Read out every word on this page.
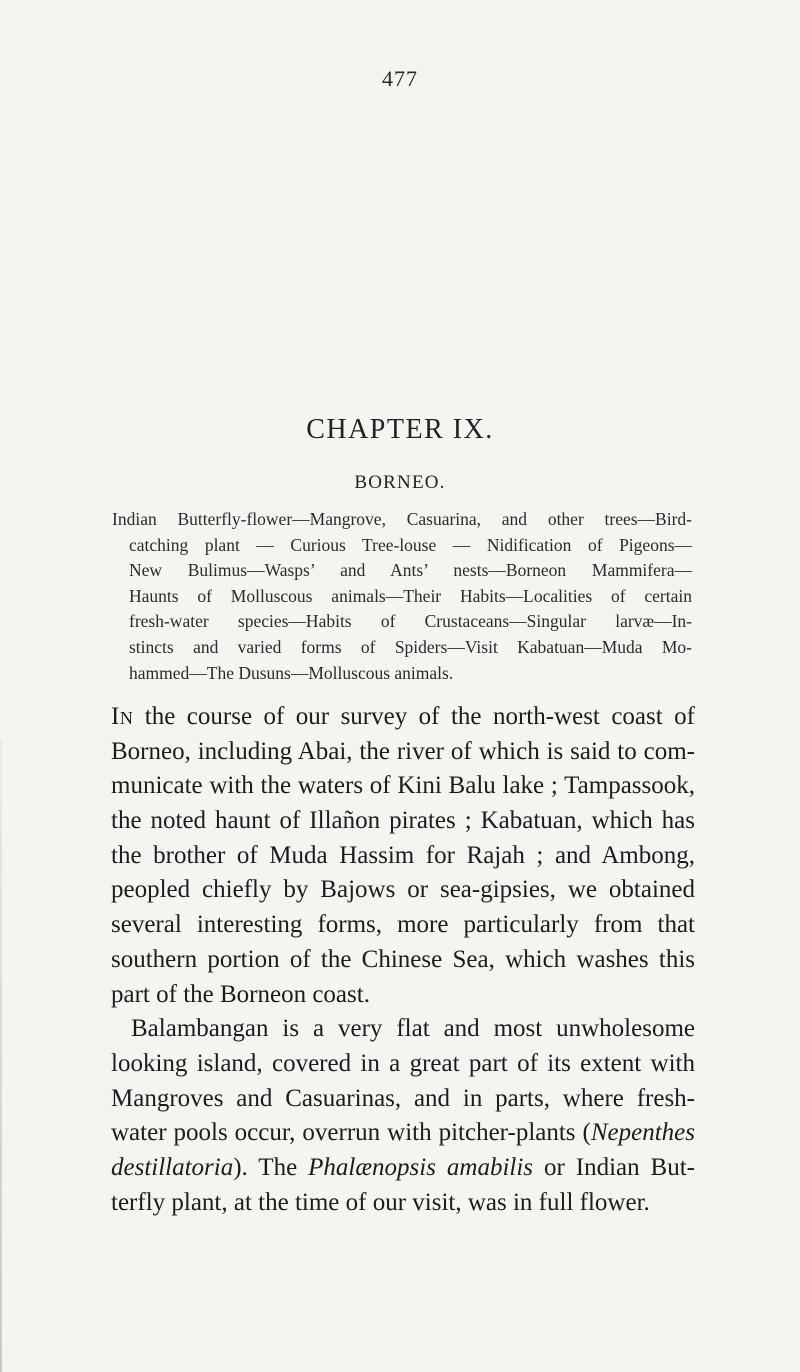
477
CHAPTER IX.
BORNEO.
Indian Butterfly-flower—Mangrove, Casuarina, and other trees—Bird-
catching plant — Curious Tree-louse — Nidification of Pigeons—
New Bulimus—Wasps’ and Ants’ nests—Borneon Mammifera—
Haunts of Molluscous animals—Their Habits—Localities of certain
fresh-water species—Habits of Crustaceans—Singular larvæ—In-
stincts and varied forms of Spiders—Visit Kabatuan—Muda Mo-
hammed—The Dusuns—Molluscous animals.
In the course of our survey of the north-west coast of
Borneo, including Abai, the river of which is said to com-
municate with the waters of Kini Balu lake ; Tampassook,
the noted haunt of Illañon pirates ; Kabatuan, which has
the brother of Muda Hassim for Rajah ; and Ambong,
peopled chiefly by Bajows or sea-gipsies, we obtained
several interesting forms, more particularly from that
southern portion of the Chinese Sea, which washes this
part of the Borneon coast.
Balambangan is a very flat and most unwholesome
looking island, covered in a great part of its extent with
Mangroves and Casuarinas, and in parts, where fresh-
water pools occur, overrun with pitcher-plants (Nepenthes
destillatoria). The Phalænopsis amabilis or Indian But-
terfly plant, at the time of our visit, was in full flower.
